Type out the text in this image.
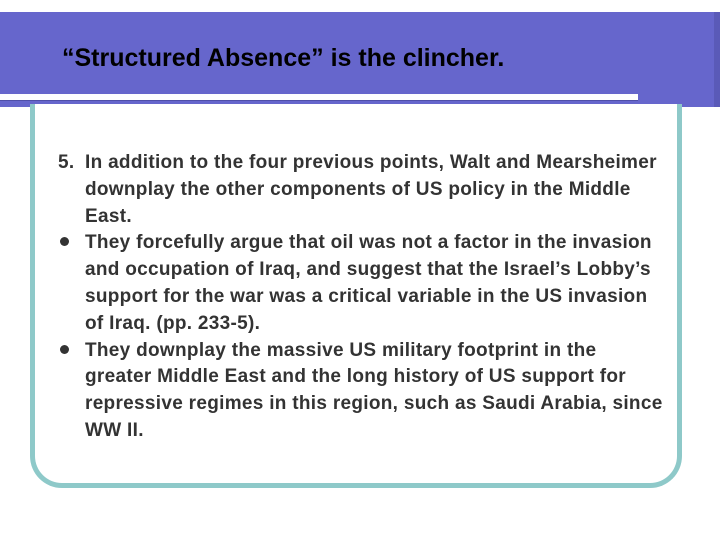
“Structured Absence” is the clincher.
5. In addition to the four previous points, Walt and Mearsheimer downplay the other components of US policy in the Middle East.
They forcefully argue that oil was not a factor in the invasion and occupation of Iraq, and suggest that the Israel’s Lobby’s support for the war was a critical variable in the US invasion of Iraq. (pp. 233-5).
They downplay the massive US military footprint in the greater Middle East and the long history of US support for repressive regimes in this region, such as Saudi Arabia, since WW II.
